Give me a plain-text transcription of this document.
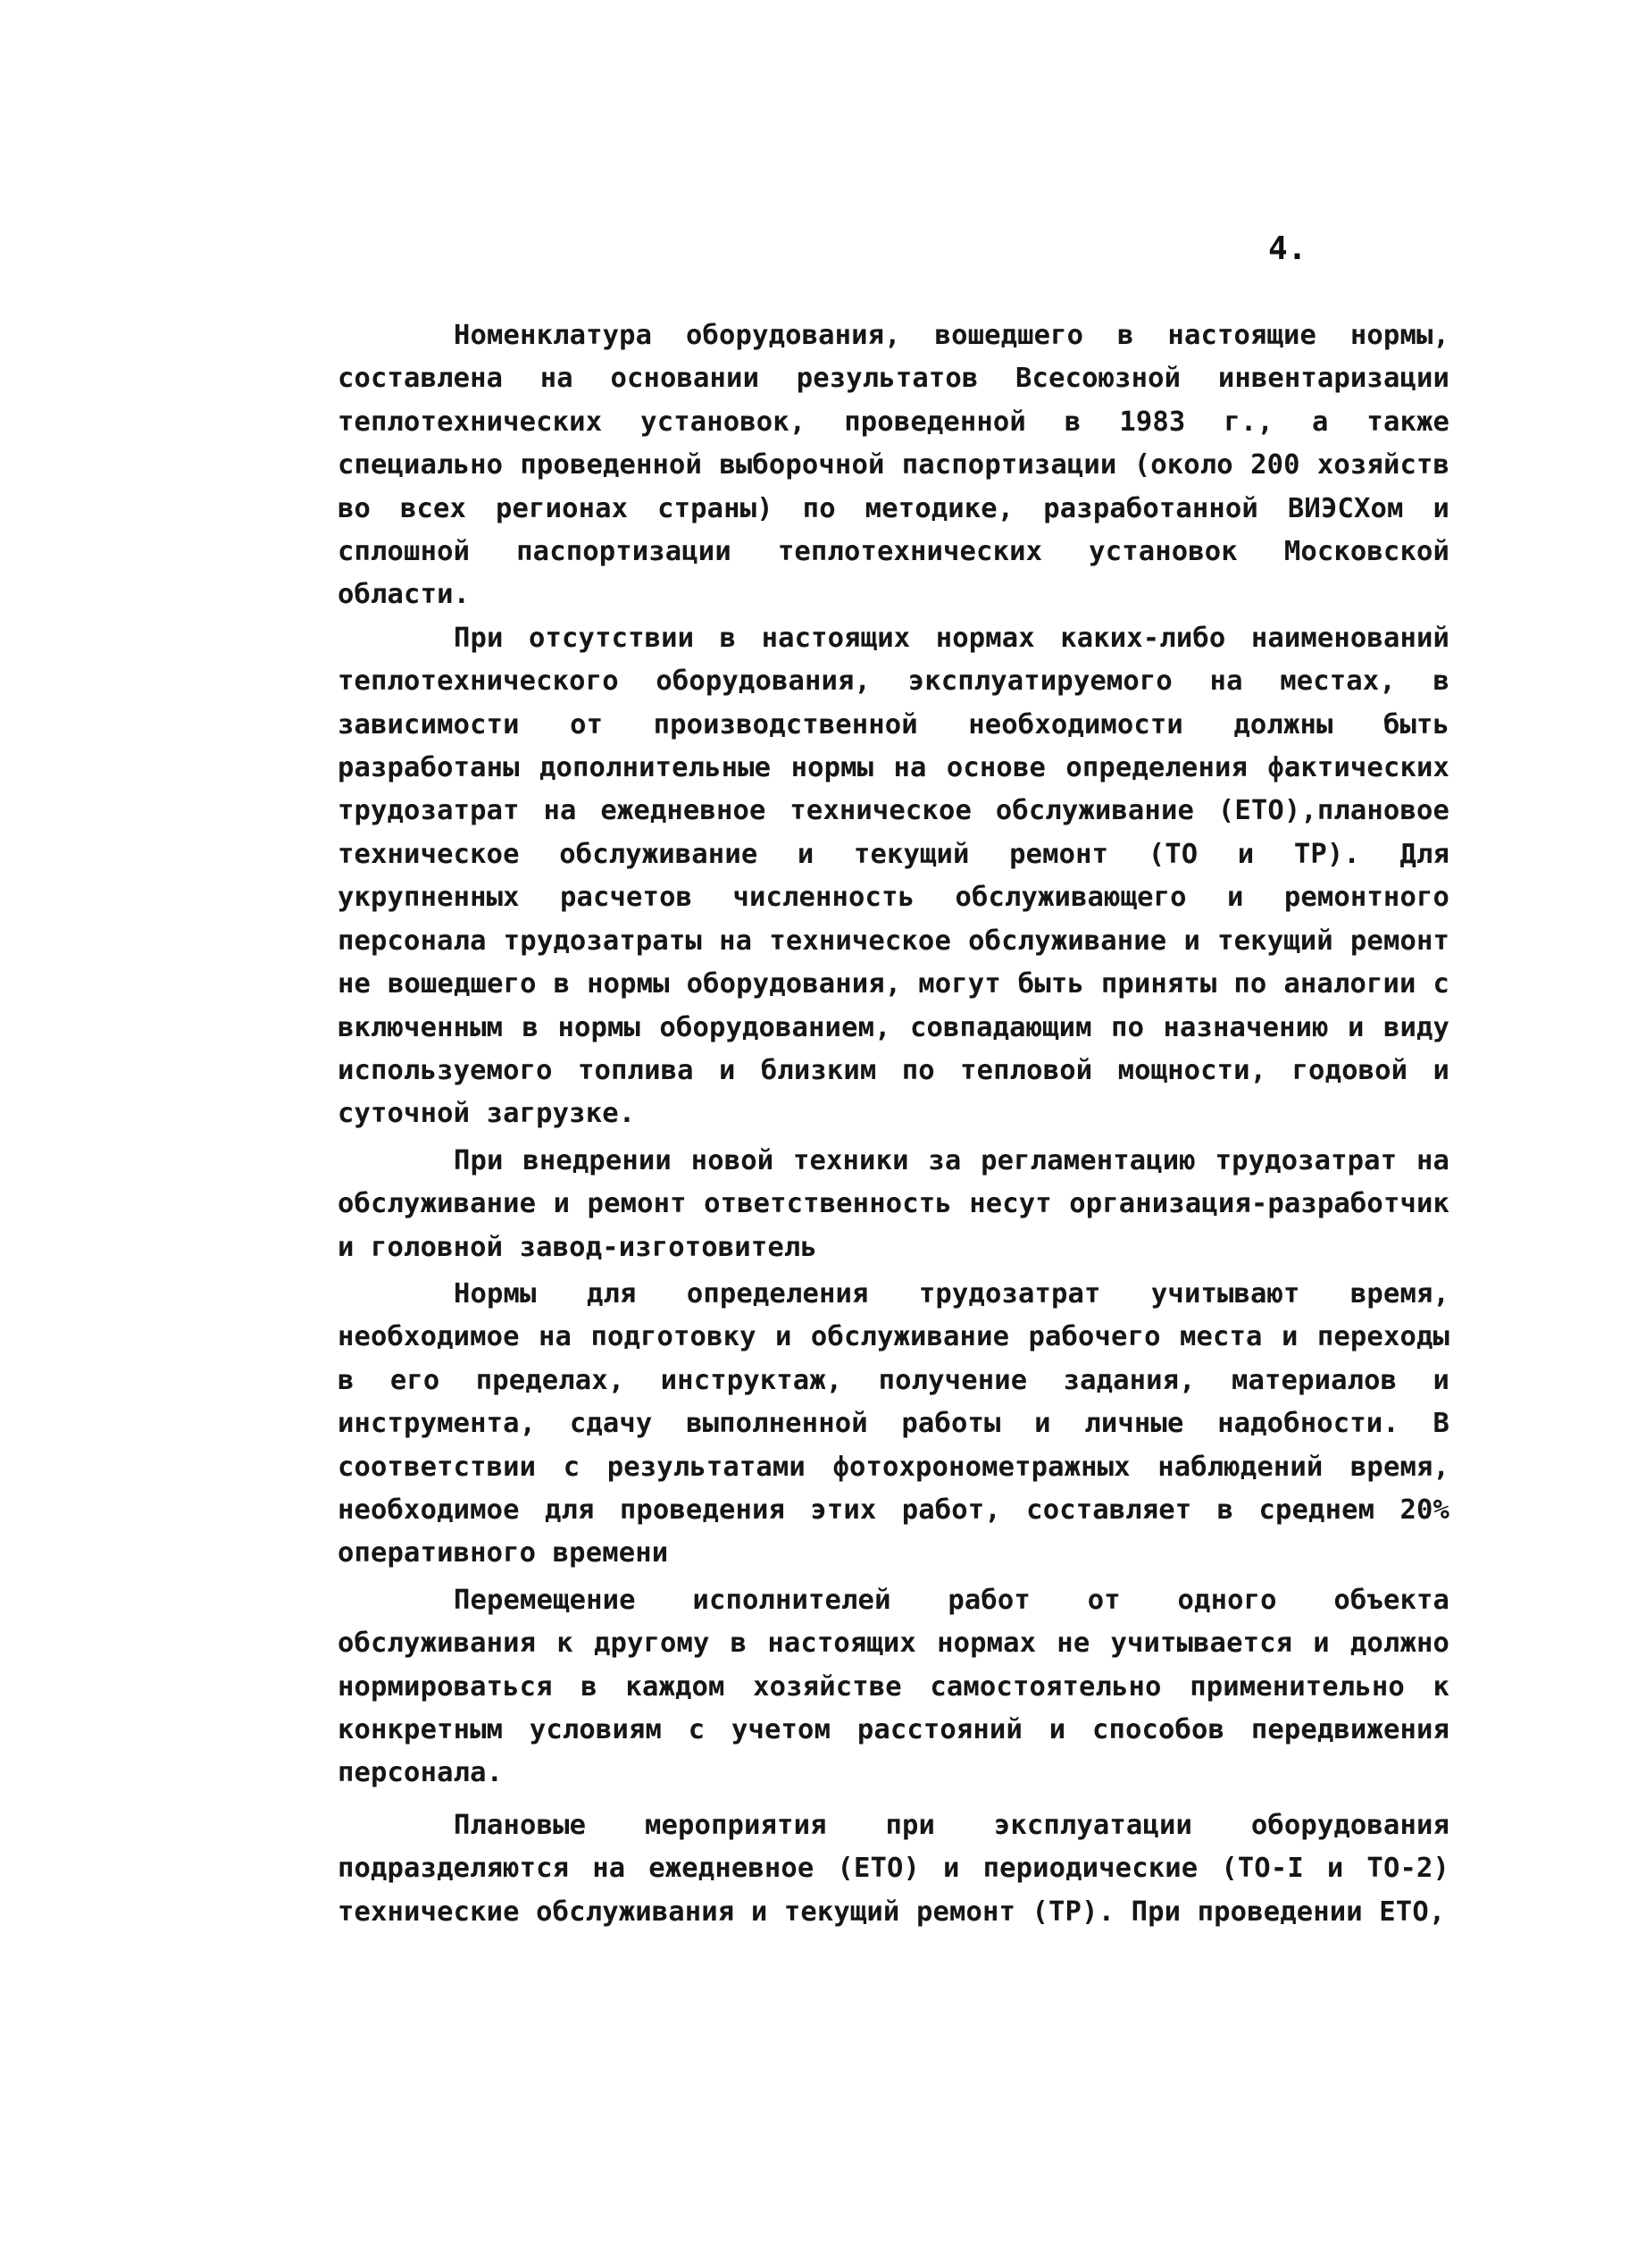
4.

Номенклатура оборудования, вошедшего в настоящие нормы, составлена на основании результатов Всесоюзной инвентаризации теплотехнических установок, проведенной в 1983 г., а также специально проведенной выборочной паспортизации (около 200 хозяйств во всех регионах страны) по методике, разработанной ВИЭСХом и сплошной паспортизации теплотехнических установок Московской области.

При отсутствии в настоящих нормах каких-либо наименований теплотехнического оборудования, эксплуатируемого на местах, в зависимости от производственной необходимости должны быть разработаны дополнительные нормы на основе определения фактических трудозатрат на ежедневное техническое обслуживание (ЕТО),плановое техническое обслуживание и текущий ремонт (ТО и ТР). Для укрупненных расчетов численность обслуживающего и ремонтного персонала трудозатраты на техническое обслуживание и текущий ремонт не вошедшего в нормы оборудования, могут быть приняты по аналогии с включенным в нормы оборудованием, совпадающим по назначению и виду используемого топлива и близким по тепловой мощности, годовой и суточной загрузке.

При внедрении новой техники за регламентацию трудозатрат на обслуживание и ремонт ответственность несут организация-разработчик и головной завод-изготовитель

Нормы для определения трудозатрат учитывают время, необходимое на подготовку и обслуживание рабочего места и переходы в его пределах, инструктаж, получение задания, материалов и инструмента, сдачу выполненной работы и личные надобности. В соответствии с результатами фотохронометражных наблюдений время, необходимое для проведения этих работ, составляет в среднем 20% оперативного времени

Перемещение исполнителей работ от одного объекта обслуживания к другому в настоящих нормах не учитывается и должно нормироваться в каждом хозяйстве самостоятельно применительно к конкретным условиям с учетом расстояний и способов передвижения персонала.

Плановые мероприятия при эксплуатации оборудования подразделяются на ежедневное (ЕТО) и периодические (ТО-I и ТО-2) технические обслуживания и текущий ремонт (ТР). При проведении ЕТО,
